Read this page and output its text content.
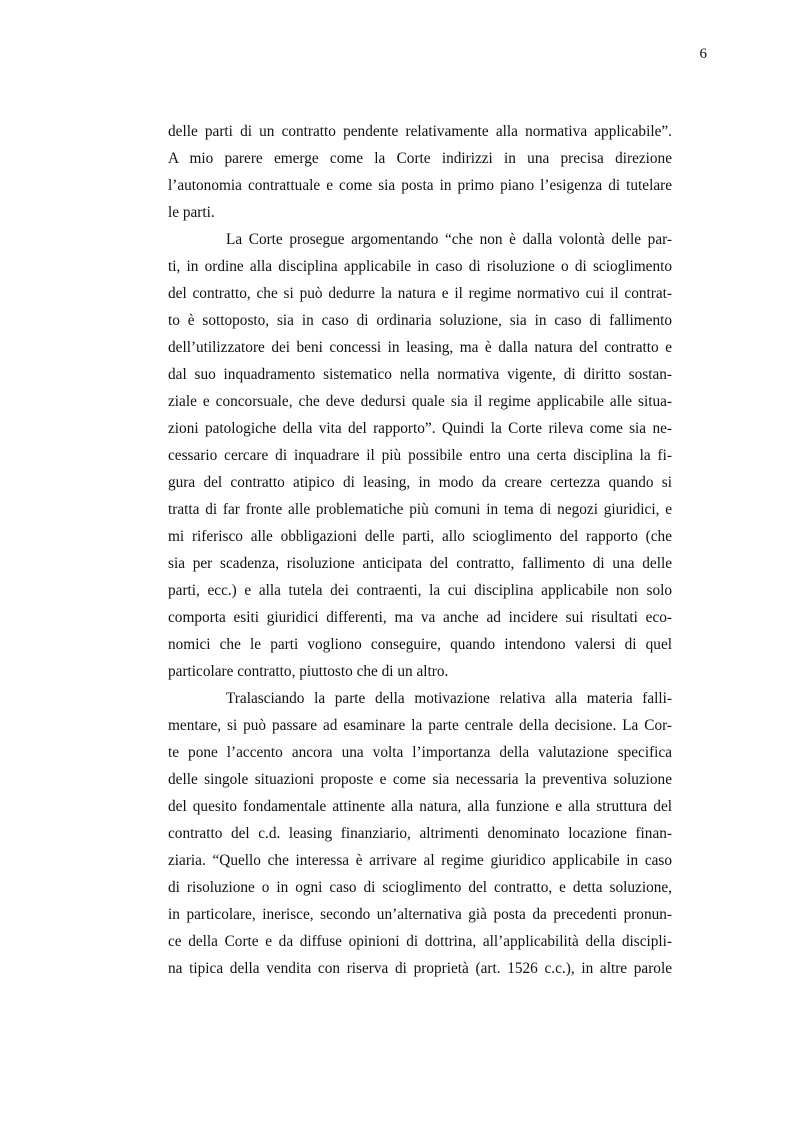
6
delle parti di un contratto pendente relativamente alla normativa applicabile”.
A mio parere emerge come la Corte indirizzi in una precisa direzione
l’autonomia contrattuale e come sia posta in primo piano l’esigenza di tutelare
le parti.
La Corte prosegue argomentando “che non è dalla volontà delle par-
ti, in ordine alla disciplina applicabile in caso di risoluzione o di scioglimento
del contratto, che si può dedurre la natura e il regime normativo cui il contrat-
to è sottoposto, sia in caso di ordinaria soluzione, sia in caso di fallimento
dell’utilizzatore dei beni concessi in leasing, ma è dalla natura del contratto e
dal suo inquadramento sistematico nella normativa vigente, di diritto sostan-
ziale e concorsuale, che deve dedursi quale sia il regime applicabile alle situa-
zioni patologiche della vita del rapporto”. Quindi la Corte rileva come sia ne-
cessario cercare di inquadrare il più possibile entro una certa disciplina la fi-
gura del contratto atipico di leasing, in modo da creare certezza quando si
tratta di far fronte alle problematiche più comuni in tema di negozi giuridici, e
mi riferisco alle obbligazioni delle parti, allo scioglimento del rapporto (che
sia per scadenza, risoluzione anticipata del contratto, fallimento di una delle
parti, ecc.) e alla tutela dei contraenti, la cui disciplina applicabile non solo
comporta esiti giuridici differenti, ma va anche ad incidere sui risultati eco-
nomici che le parti vogliono conseguire, quando intendono valersi di quel
particolare contratto, piuttosto che di un altro.
Tralasciando la parte della motivazione relativa alla materia falli-
mentare, si può passare ad esaminare la parte centrale della decisione. La Cor-
te pone l’accento ancora una volta l’importanza della valutazione specifica
delle singole situazioni proposte e come sia necessaria la preventiva soluzione
del quesito fondamentale attinente alla natura, alla funzione e alla struttura del
contratto del c.d. leasing finanziario, altrimenti denominato locazione finan-
ziaria. “Quello che interessa è arrivare al regime giuridico applicabile in caso
di risoluzione o in ogni caso di scioglimento del contratto, e detta soluzione,
in particolare, inerisce, secondo un’alternativa già posta da precedenti pronun-
ce della Corte e da diffuse opinioni di dottrina, all’applicabilità della discipli-
na tipica della vendita con riserva di proprietà (art. 1526 c.c.), in altre parole
